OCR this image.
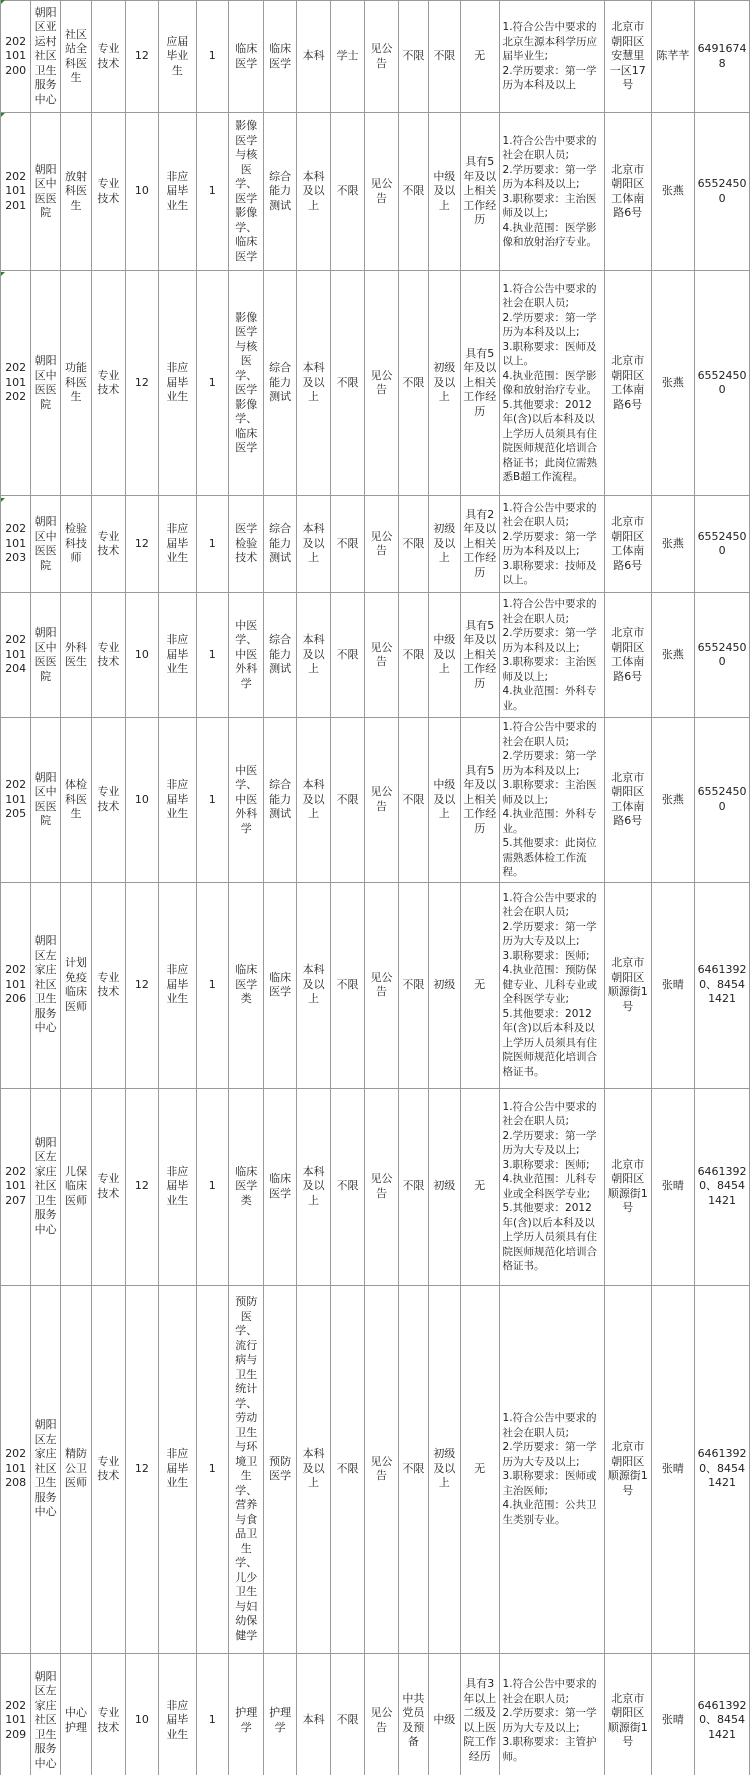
202101200	朝阳区亚运村社区卫生服务中心	社区站全科医生	专业技术	12	应届毕业生	1	临床医学	临床医学	本科	学士	见公告	不限	不限	无	1.符合公告中要求的北京生源本科学历应届毕业生;
2.学历要求：第一学历为本科及以上	北京市朝阳区安慧里一区17号	陈芊芊	64916748
202101201	朝阳区中医医院	放射科医生	专业技术	10	非应届毕业生	1	影像医学与核医学、医学影像学、临床医学	综合能力测试	本科及以上	不限	见公告	不限	中级及以上	具有5年及以上相关工作经历	1.符合公告中要求的社会在职人员;
2.学历要求：第一学历为本科及以上;
3.职称要求：主治医师及以上;
4.执业范围：医学影像和放射治疗专业。	北京市朝阳区工体南路6号	张燕	65524500
202101202	朝阳区中医医院	功能科医生	专业技术	12	非应届毕业生	1	影像医学与核医学、医学影像学、临床医学	综合能力测试	本科及以上	不限	见公告	不限	初级及以上	具有5年及以上相关工作经历	1.符合公告中要求的社会在职人员;
2.学历要求：第一学历为本科及以上;
3.职称要求：医师及以上。
4.执业范围：医学影像和放射治疗专业。
5.其他要求：2012年(含)以后本科及以上学历人员须具有住院医师规范化培训合格证书；此岗位需熟悉B超工作流程。	北京市朝阳区工体南路6号	张燕	65524500
202101203	朝阳区中医医院	检验科技师	专业技术	12	非应届毕业生	1	医学检验技术	综合能力测试	本科及以上	不限	见公告	不限	初级及以上	具有2年及以上相关工作经历	1.符合公告中要求的社会在职人员;
2.学历要求：第一学历为本科及以上;
3.职称要求：技师及以上。	北京市朝阳区工体南路6号	张燕	65524500
202101204	朝阳区中医医院	外科医生	专业技术	10	非应届毕业生	1	中医学、中医外科学	综合能力测试	本科及以上	不限	见公告	不限	中级及以上	具有5年及以上相关工作经历	1.符合公告中要求的社会在职人员;
2.学历要求：第一学历为本科及以上;
3.职称要求：主治医师及以上;
4.执业范围：外科专业。	北京市朝阳区工体南路6号	张燕	65524500
202101205	朝阳区中医医院	体检科医生	专业技术	10	非应届毕业生	1	中医学、中医外科学	综合能力测试	本科及以上	不限	见公告	不限	中级及以上	具有5年及以上相关工作经历	1.符合公告中要求的社会在职人员;
2.学历要求：第一学历为本科及以上;
3.职称要求：主治医师及以上;
4.执业范围：外科专业。
5.其他要求：此岗位需熟悉体检工作流程。	北京市朝阳区工体南路6号	张燕	65524500
202101206	朝阳区左家庄社区卫生服务中心	计划免疫临床医师	专业技术	12	非应届毕业生	1	临床医学类	临床医学	本科及以上	不限	见公告	不限	初级	无	1.符合公告中要求的社会在职人员;
2.学历要求：第一学历为大专及以上;
3.职称要求：医师;
4.执业范围：预防保健专业、儿科专业或全科医学专业;
5.其他要求：2012年(含)以后本科及以上学历人员须具有住院医师规范化培训合格证书。	北京市朝阳区顺源街1号	张晴	64613920、84541421
202101207	朝阳区左家庄社区卫生服务中心	儿保临床医师	专业技术	12	非应届毕业生	1	临床医学类	临床医学	本科及以上	不限	见公告	不限	初级	无	1.符合公告中要求的社会在职人员;
2.学历要求：第一学历为大专及以上;
3.职称要求：医师;
4.执业范围：儿科专业或全科医学专业;
5.其他要求：2012年(含)以后本科及以上学历人员须具有住院医师规范化培训合格证书。	北京市朝阳区顺源街1号	张晴	64613920、84541421
202101208	朝阳区左家庄社区卫生服务中心	精防公卫医师	专业技术	12	非应届毕业生	1	预防医学、流行病与卫生统计学、劳动卫生与环境卫生学、营养与食品卫生学、儿少卫生与妇幼保健学	预防医学	本科及以上	不限	见公告	不限	初级及以上	无	1.符合公告中要求的社会在职人员;
2.学历要求：第一学历为大专及以上;
3.职称要求：医师或主治医师;
4.执业范围：公共卫生类别专业。	北京市朝阳区顺源街1号	张晴	64613920、84541421
202101209	朝阳区左家庄社区卫生服务中心	中心护理	专业技术	10	非应届毕业生	1	护理学	护理学	本科	不限	见公告	中共党员及预备	中级	具有3年以上二级及以上医院工作经历	1.符合公告中要求的社会在职人员;
2.学历要求：第一学历为大专及以上;
3.职称要求：主管护师。	北京市朝阳区顺源街1号	张晴	64613920、84541421
